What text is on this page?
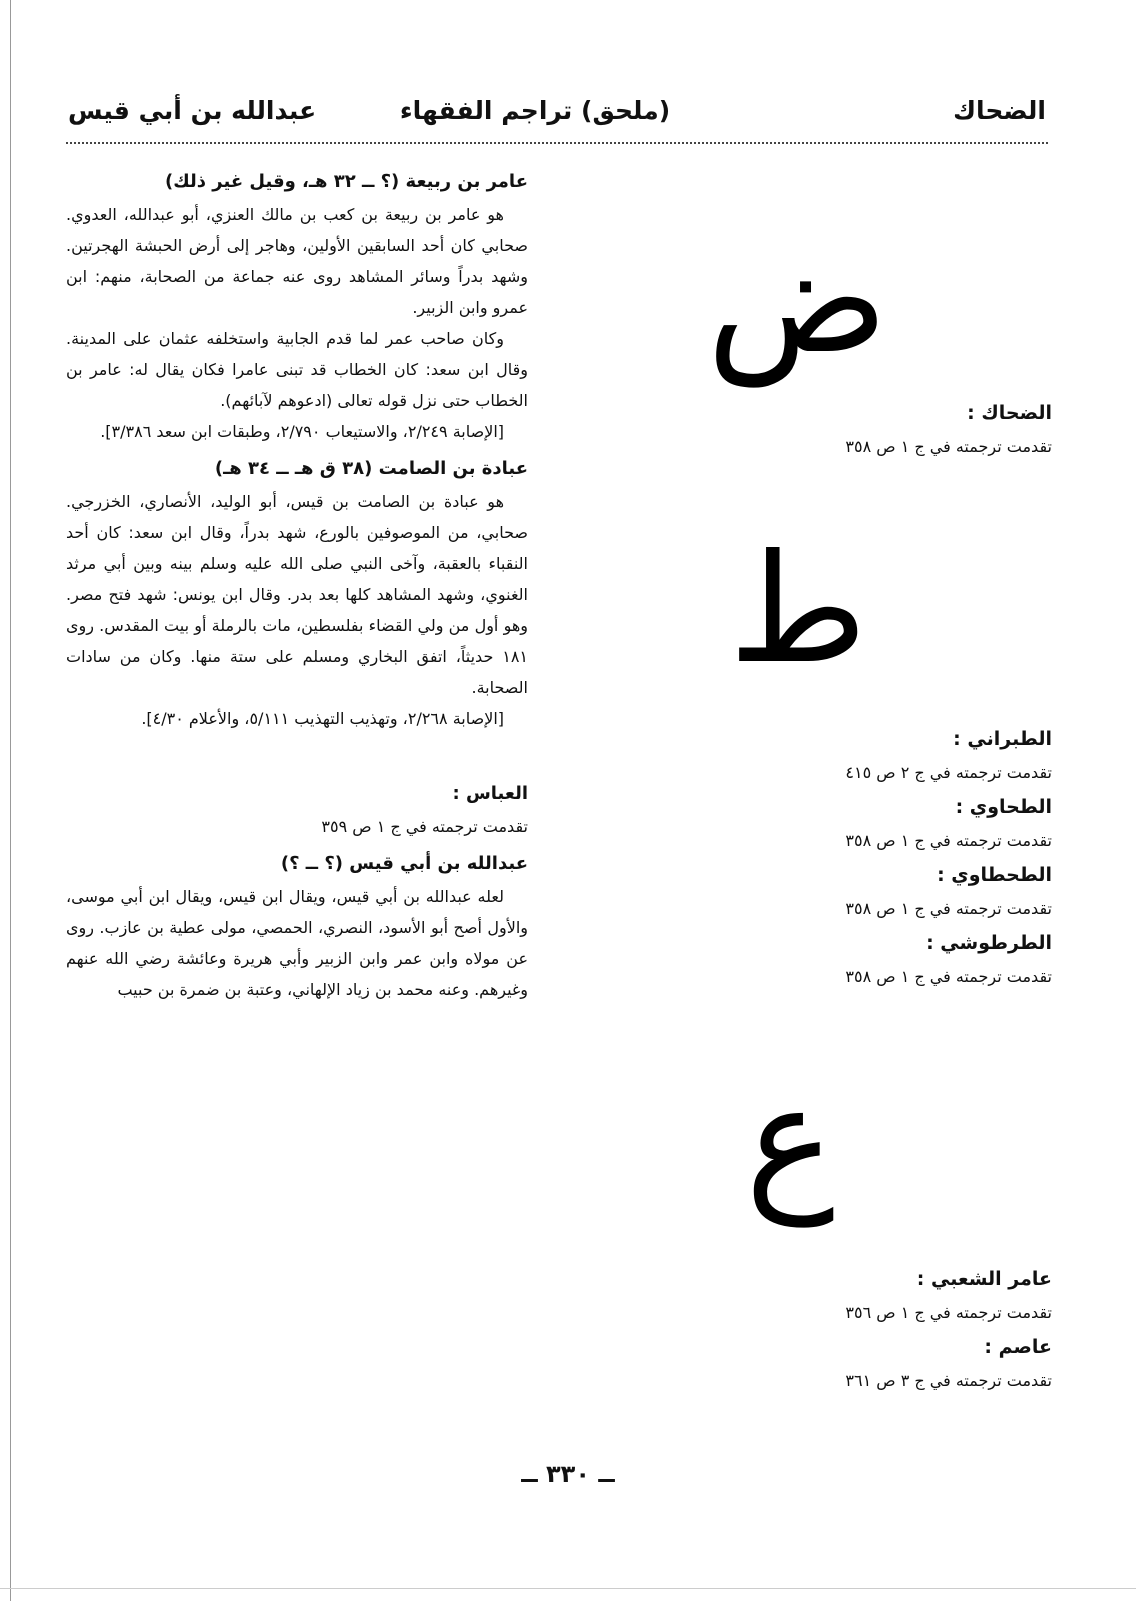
الضحاك
(ملحق) تراجم الفقهاء
عبدالله بن أبي قيس
عامر بن ربيعة (؟ ــ ٣٢ هـ، وقيل غير ذلك)

هو عامر بن ربيعة بن كعب بن مالك العنزي، أبو عبدالله، العدوي. صحابي كان أحد السابقين الأولين، وهاجر إلى أرض الحبشة الهجرتين. وشهد بدراً وسائر المشاهد روى عنه جماعة من الصحابة، منهم: ابن عمرو وابن الزبير.

وكان صاحب عمر لما قدم الجابية واستخلفه عثمان على المدينة. وقال ابن سعد: كان الخطاب قد تبنى عامرا فكان يقال له: عامر بن الخطاب حتى نزل قوله تعالى (ادعوهم لآبائهم).

[الإصابة ٢/٢٤٩، والاستيعاب ٢/٧٩٠، وطبقات ابن سعد ٣/٣٨٦].

عبادة بن الصامت (٣٨ ق هـ ــ ٣٤ هـ)

هو عبادة بن الصامت بن قيس، أبو الوليد، الأنصاري، الخزرجي. صحابي، من الموصوفين بالورع، شهد بدراً، وقال ابن سعد: كان أحد النقباء بالعقبة، وآخى النبي صلى الله عليه وسلم بينه وبين أبي مرثد الغنوي، وشهد المشاهد كلها بعد بدر. وقال ابن يونس: شهد فتح مصر. وهو أول من ولي القضاء بفلسطين، مات بالرملة أو بيت المقدس. روى ١٨١ حديثاً، اتفق البخاري ومسلم على ستة منها. وكان من سادات الصحابة.

[الإصابة ٢/٢٦٨، وتهذيب التهذيب ٥/١١١، والأعلام ٤/٣٠].

العباس :

تقدمت ترجمته في ج ١ ص ٣٥٩

عبدالله بن أبي قيس (؟ ــ ؟)

لعله عبدالله بن أبي قيس، ويقال ابن قيس، ويقال ابن أبي موسى، والأول أصح أبو الأسود، النصري، الحمصي، مولى عطية بن عازب. روى عن مولاه وابن عمر وابن الزبير وأبي هريرة وعائشة رضي الله عنهم وغيرهم. وعنه محمد بن زياد الإلهاني، وعتبة بن ضمرة بن حبيب

ض
الضحاك :
تقدمت ترجمته في ج ١ ص ٣٥٨
ط
الطبراني :
تقدمت ترجمته في ج ٢ ص ٤١٥
الطحاوي :
تقدمت ترجمته في ج ١ ص ٣٥٨
الطحطاوي :
تقدمت ترجمته في ج ١ ص ٣٥٨
الطرطوشي :
تقدمت ترجمته في ج ١ ص ٣٥٨
ع
عامر الشعبي :
تقدمت ترجمته في ج ١ ص ٣٥٦
عاصم :
تقدمت ترجمته في ج ٣ ص ٣٦١
ــ ٣٣٠ ــ
